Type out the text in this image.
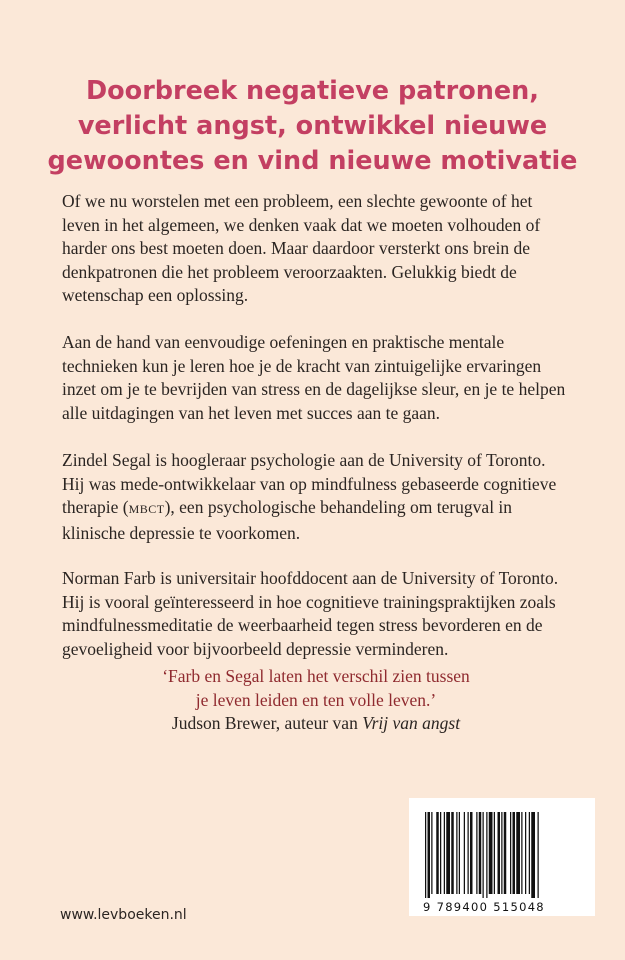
Doorbreek negatieve patronen, verlicht angst, ontwikkel nieuwe gewoontes en vind nieuwe motivatie

Of we nu worstelen met een probleem, een slechte gewoonte of het leven in het algemeen, we denken vaak dat we moeten volhouden of harder ons best moeten doen. Maar daardoor versterkt ons brein de denkpatronen die het probleem veroorzaakten. Gelukkig biedt de wetenschap een oplossing.

Aan de hand van eenvoudige oefeningen en praktische mentale technieken kun je leren hoe je de kracht van zintuigelijke ervaringen inzet om je te bevrijden van stress en de dagelijkse sleur, en je te helpen alle uitdagingen van het leven met succes aan te gaan.

Zindel Segal is hoogleraar psychologie aan de University of Toronto. Hij was mede-ontwikkelaar van op mindfulness gebaseerde cognitieve therapie (MBCT), een psychologische behandeling om terugval in klinische depressie te voorkomen.

Norman Farb is universitair hoofddocent aan de University of Toronto. Hij is vooral geïnteresseerd in hoe cognitieve trainingspraktijken zoals mindfulnessmeditatie de weerbaarheid tegen stress bevorderen en de gevoeligheid voor bijvoorbeeld depressie verminderen.

‘Farb en Segal laten het verschil zien tussen
je leven leiden en ten volle leven.’
Judson Brewer, auteur van Vrij van angst
www.levboeken.nl	9 789400 515048
